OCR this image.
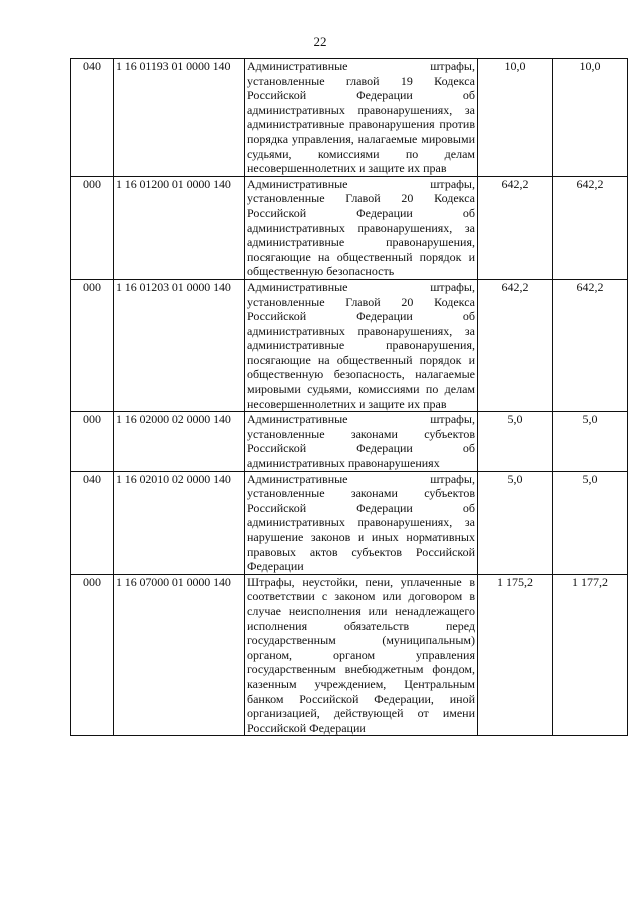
22
040	1 16 01193 01 0000 140	Административные штрафы, установленные главой 19 Кодекса Российской Федерации об административных правонарушениях, за административные правонарушения против порядка управления, налагаемые мировыми судьями, комиссиями по делам несовершеннолетних и защите их прав	10,0	10,0
000	1 16 01200 01 0000 140	Административные штрафы, установленные Главой 20 Кодекса Российской Федерации об административных правонарушениях, за административные правонарушения, посягающие на общественный порядок и общественную безопасность	642,2	642,2
000	1 16 01203 01 0000 140	Административные штрафы, установленные Главой 20 Кодекса Российской Федерации об административных правонарушениях, за административные правонарушения, посягающие на общественный порядок и общественную безопасность, налагаемые мировыми судьями, комиссиями по делам несовершеннолетних и защите их прав	642,2	642,2
000	1 16 02000 02 0000 140	Административные штрафы, установленные законами субъектов Российской Федерации об административных правонарушениях	5,0	5,0
040	1 16 02010 02 0000 140	Административные штрафы, установленные законами субъектов Российской Федерации об административных правонарушениях, за нарушение законов и иных нормативных правовых актов субъектов Российской Федерации	5,0	5,0
000	1 16 07000 01 0000 140	Штрафы, неустойки, пени, уплаченные в соответствии с законом или договором в случае неисполнения или ненадлежащего исполнения обязательств перед государственным (муниципальным) органом, органом управления государственным внебюджетным фондом, казенным учреждением, Центральным банком Российской Федерации, иной организацией, действующей от имени Российской Федерации	1 175,2	1 177,2
